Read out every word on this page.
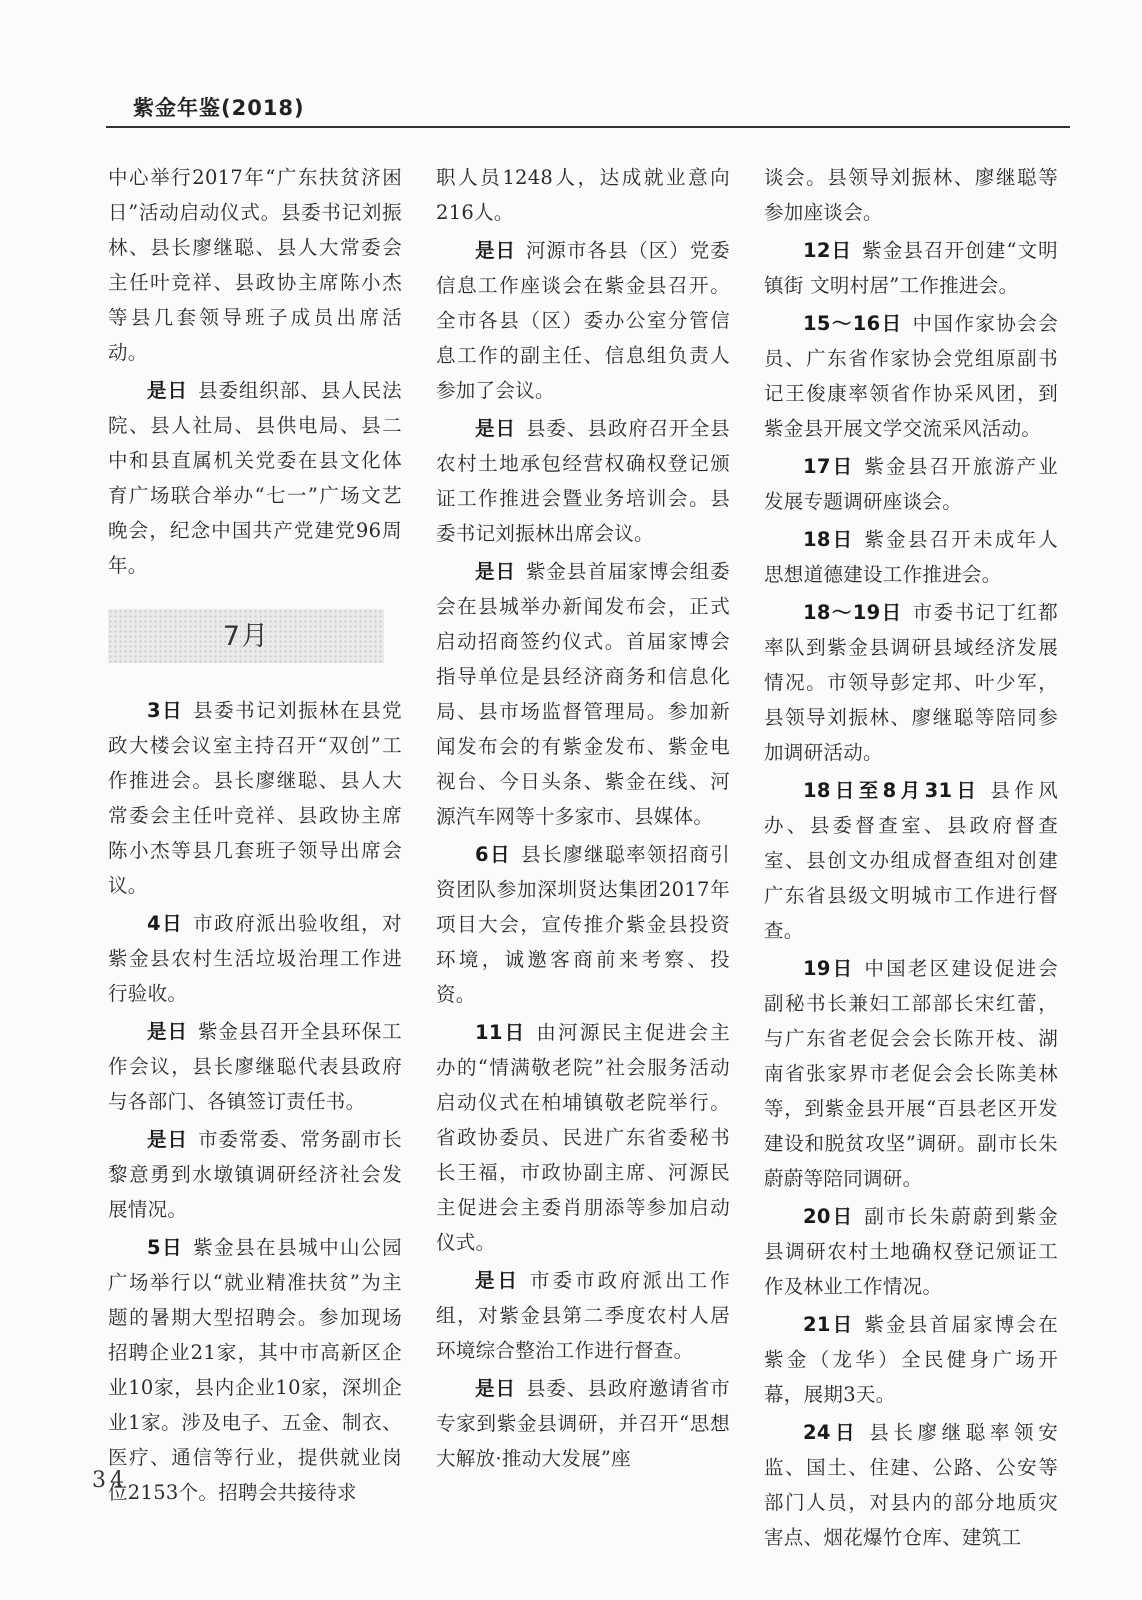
紫金年鉴(2018)

中心举行2017年“广东扶贫济困日”活动启动仪式。县委书记刘振林、县长廖继聪、县人大常委会主任叶竞祥、县政协主席陈小杰等县几套领导班子成员出席活动。

是日 县委组织部、县人民法院、县人社局、县供电局、县二中和县直属机关党委在县文化体育广场联合举办“七一”广场文艺晚会，纪念中国共产党建党96周年。

7月

3日 县委书记刘振林在县党政大楼会议室主持召开“双创”工作推进会。县长廖继聪、县人大常委会主任叶竞祥、县政协主席陈小杰等县几套班子领导出席会议。

4日 市政府派出验收组，对紫金县农村生活垃圾治理工作进行验收。

是日 紫金县召开全县环保工作会议，县长廖继聪代表县政府与各部门、各镇签订责任书。

是日 市委常委、常务副市长黎意勇到水墩镇调研经济社会发展情况。

5日 紫金县在县城中山公园广场举行以“就业精准扶贫”为主题的暑期大型招聘会。参加现场招聘企业21家，其中市高新区企业10家，县内企业10家，深圳企业1家。涉及电子、五金、制衣、医疗、通信等行业，提供就业岗位2153个。招聘会共接待求

职人员1248人，达成就业意向216人。

是日 河源市各县（区）党委信息工作座谈会在紫金县召开。全市各县（区）委办公室分管信息工作的副主任、信息组负责人参加了会议。

是日 县委、县政府召开全县农村土地承包经营权确权登记颁证工作推进会暨业务培训会。县委书记刘振林出席会议。

是日 紫金县首届家博会组委会在县城举办新闻发布会，正式启动招商签约仪式。首届家博会指导单位是县经济商务和信息化局、县市场监督管理局。参加新闻发布会的有紫金发布、紫金电视台、今日头条、紫金在线、河源汽车网等十多家市、县媒体。

6日 县长廖继聪率领招商引资团队参加深圳贤达集团2017年项目大会，宣传推介紫金县投资环境，诚邀客商前来考察、投资。

11日 由河源民主促进会主办的“情满敬老院”社会服务活动启动仪式在柏埔镇敬老院举行。省政协委员、民进广东省委秘书长王福，市政协副主席、河源民主促进会主委肖朋添等参加启动仪式。

是日 市委市政府派出工作组，对紫金县第二季度农村人居环境综合整治工作进行督查。

是日 县委、县政府邀请省市专家到紫金县调研，并召开“思想大解放·推动大发展”座

谈会。县领导刘振林、廖继聪等参加座谈会。

12日 紫金县召开创建“文明镇街 文明村居”工作推进会。

15～16日 中国作家协会会员、广东省作家协会党组原副书记王俊康率领省作协采风团，到紫金县开展文学交流采风活动。

17日 紫金县召开旅游产业发展专题调研座谈会。

18日 紫金县召开未成年人思想道德建设工作推进会。

18～19日 市委书记丁红都率队到紫金县调研县域经济发展情况。市领导彭定邦、叶少军，县领导刘振林、廖继聪等陪同参加调研活动。

18日至8月31日 县作风办、县委督查室、县政府督查室、县创文办组成督查组对创建广东省县级文明城市工作进行督查。

19日 中国老区建设促进会副秘书长兼妇工部部长宋红蕾，与广东省老促会会长陈开枝、湖南省张家界市老促会会长陈美林等，到紫金县开展“百县老区开发建设和脱贫攻坚”调研。副市长朱蔚蔚等陪同调研。

20日 副市长朱蔚蔚到紫金县调研农村土地确权登记颁证工作及林业工作情况。

21日 紫金县首届家博会在紫金（龙华）全民健身广场开幕，展期3天。

24日 县长廖继聪率领安监、国土、住建、公路、公安等部门人员，对县内的部分地质灾害点、烟花爆竹仓库、建筑工

34
